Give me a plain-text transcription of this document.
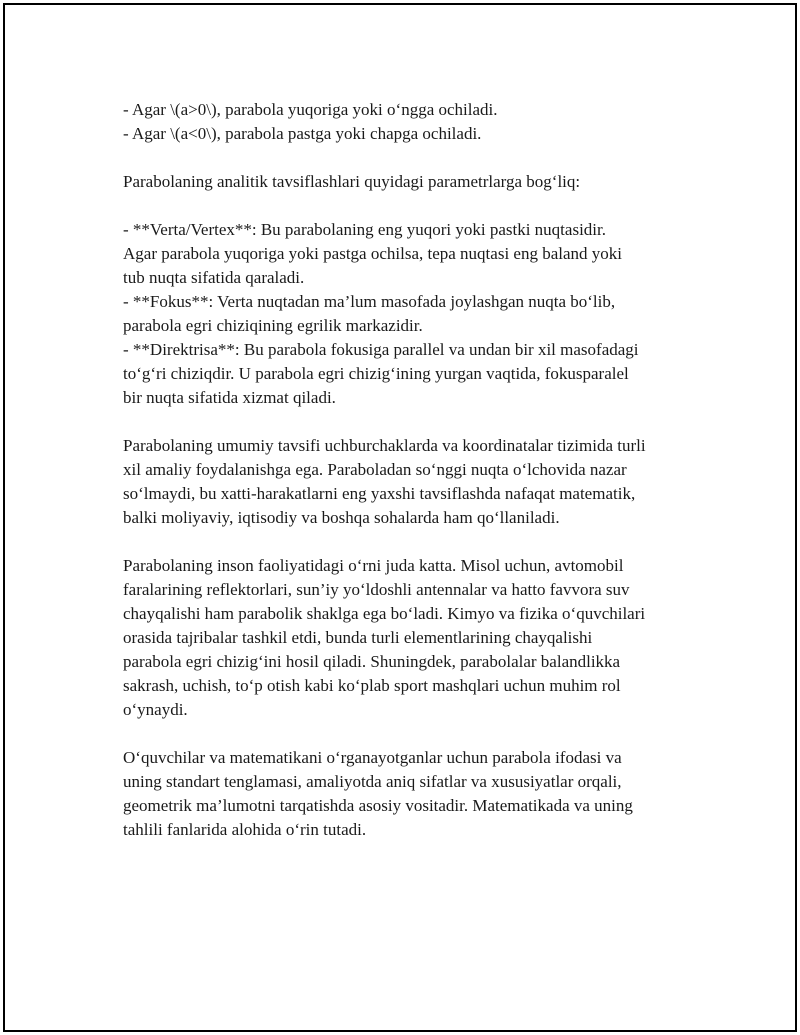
- Agar \(a>0\), parabola yuqoriga yoki o‘ngga ochiladi.
- Agar \(a<0\), parabola pastga yoki chapga ochiladi.
Parabolaning analitik tavsiflashlari quyidagi parametrlarga bog‘liq:
- **Verta/Vertex**: Bu parabolaning eng yuqori yoki pastki nuqtasidir.
Agar parabola yuqoriga yoki pastga ochilsa, tepa nuqtasi eng baland yoki
tub nuqta sifatida qaraladi.
- **Fokus**: Verta nuqtadan ma’lum masofada joylashgan nuqta bo‘lib,
parabola egri chiziqining egrilik markazidir.
- **Direktrisa**: Bu parabola fokusiga parallel va undan bir xil masofadagi
to‘g‘ri chiziqdir. U parabola egri chizig‘ining yurgan vaqtida, fokusparalel
bir nuqta sifatida xizmat qiladi.
Parabolaning umumiy tavsifi uchburchaklarda va koordinatalar tizimida turli
xil amaliy foydalanishga ega. Paraboladan so‘nggi nuqta o‘lchovida nazar
so‘lmaydi, bu xatti-harakatlarni eng yaxshi tavsiflashda nafaqat matematik,
balki moliyaviy, iqtisodiy va boshqa sohalarda ham qo‘llaniladi.
Parabolaning inson faoliyatidagi o‘rni juda katta. Misol uchun, avtomobil
faralarining reflektorlari, sun’iy yo‘ldoshli antennalar va hatto favvora suv
chayqalishi ham parabolik shaklga ega bo‘ladi. Kimyo va fizika o‘quvchilari
orasida tajribalar tashkil etdi, bunda turli elementlarining chayqalishi
parabola egri chizig‘ini hosil qiladi. Shuningdek, parabolalar balandlikka
sakrash, uchish, to‘p otish kabi ko‘plab sport mashqlari uchun muhim rol
o‘ynaydi.
O‘quvchilar va matematikani o‘rganayotganlar uchun parabola ifodasi va
uning standart tenglamasi, amaliyotda aniq sifatlar va xususiyatlar orqali,
geometrik ma’lumotni tarqatishda asosiy vositadir. Matematikada va uning
tahlili fanlarida alohida o‘rin tutadi.
